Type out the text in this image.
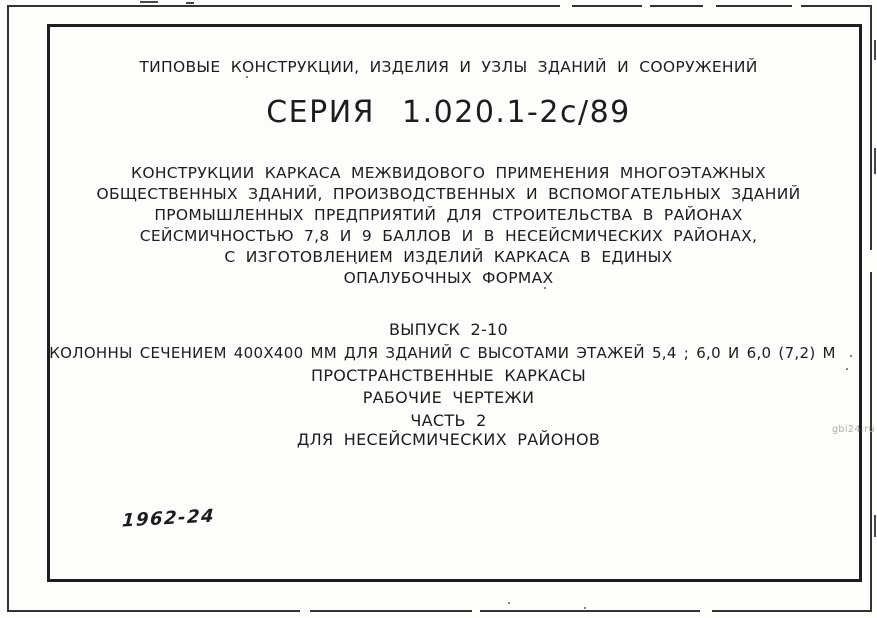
ТИПОВЫЕ КОНСТРУКЦИИ, ИЗДЕЛИЯ И УЗЛЫ ЗДАНИЙ И СООРУЖЕНИЙ
СЕРИЯ 1.020.1-2с/89
КОНСТРУКЦИИ КАРКАСА МЕЖВИДОВОГО ПРИМЕНЕНИЯ МНОГОЭТАЖНЫХ
ОБЩЕСТВЕННЫХ ЗДАНИЙ, ПРОИЗВОДСТВЕННЫХ И ВСПОМОГАТЕЛЬНЫХ ЗДАНИЙ
ПРОМЫШЛЕННЫХ ПРЕДПРИЯТИЙ ДЛЯ СТРОИТЕЛЬСТВА В РАЙОНАХ
СЕЙСМИЧНОСТЬЮ 7,8 И 9 БАЛЛОВ И В НЕСЕЙСМИЧЕСКИХ РАЙОНАХ,
С ИЗГОТОВЛЕНИЕМ ИЗДЕЛИЙ КАРКАСА В ЕДИНЫХ
ОПАЛУБОЧНЫХ ФОРМАХ
ВЫПУСК 2-10
КОЛОННЫ СЕЧЕНИЕМ 400X400 ММ ДЛЯ ЗДАНИЙ С ВЫСОТАМИ ЭТАЖЕЙ 5,4 ; 6,0 И 6,0 (7,2) М
ПРОСТРАНСТВЕННЫЕ КАРКАСЫ
РАБОЧИЕ ЧЕРТЕЖИ
ЧАСТЬ 2
ДЛЯ НЕСЕЙСМИЧЕСКИХ РАЙОНОВ
1962-24
gbi24.ru
